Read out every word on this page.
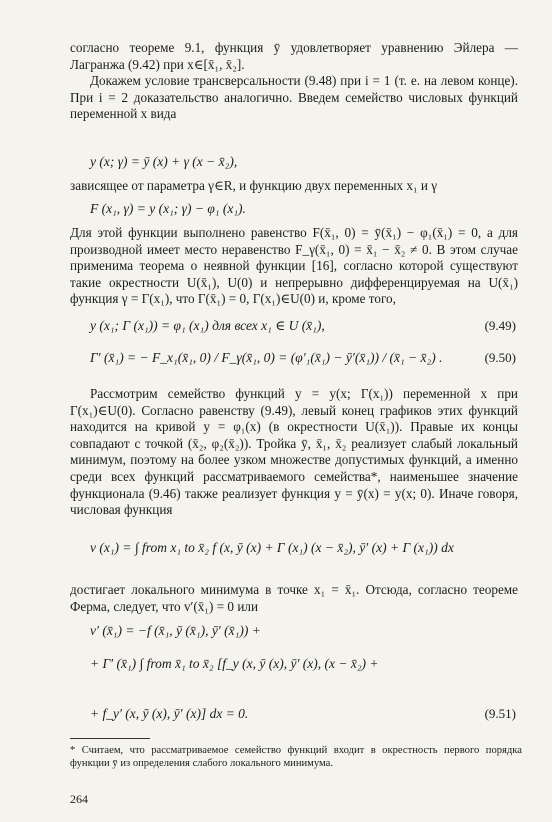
согласно теореме 9.1, функция ȳ удовлетворяет уравнению Эйлера — Лагранжа (9.42) при x∈[x̄₁, x̄₂].

Докажем условие трансверсальности (9.48) при i = 1 (т. е. на левом конце). При i = 2 доказательство аналогично. Введем семейство числовых функций переменной x вида

y (x; γ) = ȳ (x) + γ (x − x̄₂),

зависящее от параметра γ∈R, и функцию двух переменных x₁ и γ

F (x₁, γ) = y (x₁; γ) − φ₁ (x₁).

Для этой функции выполнено равенство F(x̄₁, 0) = ȳ(x̄₁) − φ₁(x̄₁) = 0, а для производной имеет место неравенство F_γ(x̄₁, 0) = x̄₁ − x̄₂ ≠ 0. В этом случае применима теорема о неявной функции [16], согласно которой существуют такие окрестности U(x̄₁), U(0) и непрерывно дифференцируемая на U(x̄₁) функция γ = Γ(x₁), что Γ(x̄₁) = 0, Γ(x₁)∈U(0) и, кроме того,

y (x₁; Γ (x₁)) = φ₁ (x₁) для всех x₁ ∈ U (x̄₁),	(9.49)
Γ′ (x̄₁) = − F_x₁(x̄₁, 0) / F_γ(x̄₁, 0) = (φ′₁(x̄₁) − ȳ′(x̄₁)) / (x̄₁ − x̄₂) .	(9.50)

Рассмотрим семейство функций y = y(x; Γ(x₁)) переменной x при Γ(x₁)∈U(0). Согласно равенству (9.49), левый конец графиков этих функций находится на кривой y = φ₁(x) (в окрестности U(x̄₁)). Правые их концы совпадают с точкой (x̄₂, φ₂(x̄₂)). Тройка ȳ, x̄₁, x̄₂ реализует слабый локальный минимум, поэтому на более узком множестве допустимых функций, а именно среди всех функций рассматриваемого семейства*, наименьшее значение функционала (9.46) также реализует функция y = ȳ(x) = y(x; 0). Иначе говоря, числовая функция

v (x₁) = ∫ from x₁ to x̄₂ f (x, ȳ (x) + Γ (x₁) (x − x̄₂), ȳ′ (x) + Γ (x₁)) dx

достигает локального минимума в точке x₁ = x̄₁. Отсюда, согласно теореме Ферма, следует, что v′(x̄₁) = 0 или

v′ (x̄₁) = −f (x̄₁, ȳ (x̄₁), ȳ′ (x̄₁)) +
+ Γ′ (x̄₁) ∫ from x̄₁ to x̄₂ [f_y (x, ȳ (x), ȳ′ (x), (x − x̄₂) +
+ f_y′ (x, ȳ (x), ȳ′ (x)] dx = 0.	(9.51)
* Считаем, что рассматриваемое семейство функций входит в окрестность первого порядка функции ȳ из определения слабого локального минимума.
264
